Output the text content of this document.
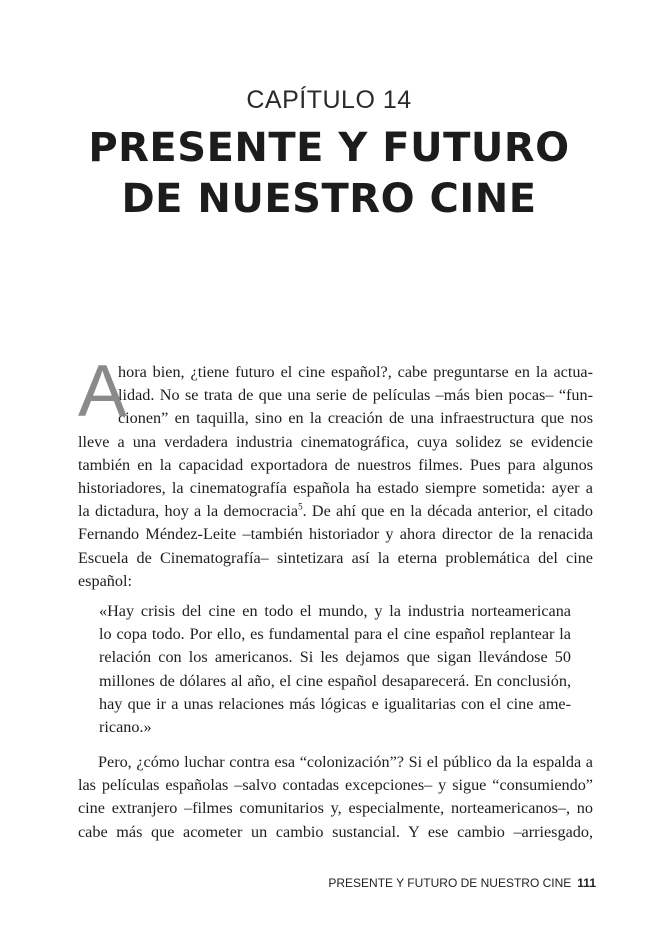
CAPÍTULO 14
PRESENTE Y FUTURO
DE NUESTRO CINE
A
hora bien, ¿tiene futuro el cine español?, cabe preguntarse en la actua-
lidad. No se trata de que una serie de películas –más bien pocas– “fun-
cionen” en taquilla, sino en la creación de una infraestructura que nos
lleve a una verdadera industria cinematográfica, cuya solidez se evidencie
también en la capacidad exportadora de nuestros filmes. Pues para algunos
historiadores, la cinematografía española ha estado siempre sometida: ayer a
la dictadura, hoy a la democracia$^5$. De ahí que en la década anterior, el citado
Fernando Méndez-Leite –también historiador y ahora director de la renacida
Escuela de Cinematografía– sintetizara así la eterna problemática del cine
español:
«Hay crisis del cine en todo el mundo, y la industria norteamericana
lo copa todo. Por ello, es fundamental para el cine español replantear la
relación con los americanos. Si les dejamos que sigan llevándose 50
millones de dólares al año, el cine español desaparecerá. En conclusión,
hay que ir a unas relaciones más lógicas e igualitarias con el cine ame-
ricano.»
Pero, ¿cómo luchar contra esa “colonización”? Si el público da la espalda a
las películas españolas –salvo contadas excepciones– y sigue “consumiendo”
cine extranjero –filmes comunitarios y, especialmente, norteamericanos–, no
cabe más que acometer un cambio sustancial. Y ese cambio –arriesgado,
PRESENTE Y FUTURO DE NUESTRO CINE 111
